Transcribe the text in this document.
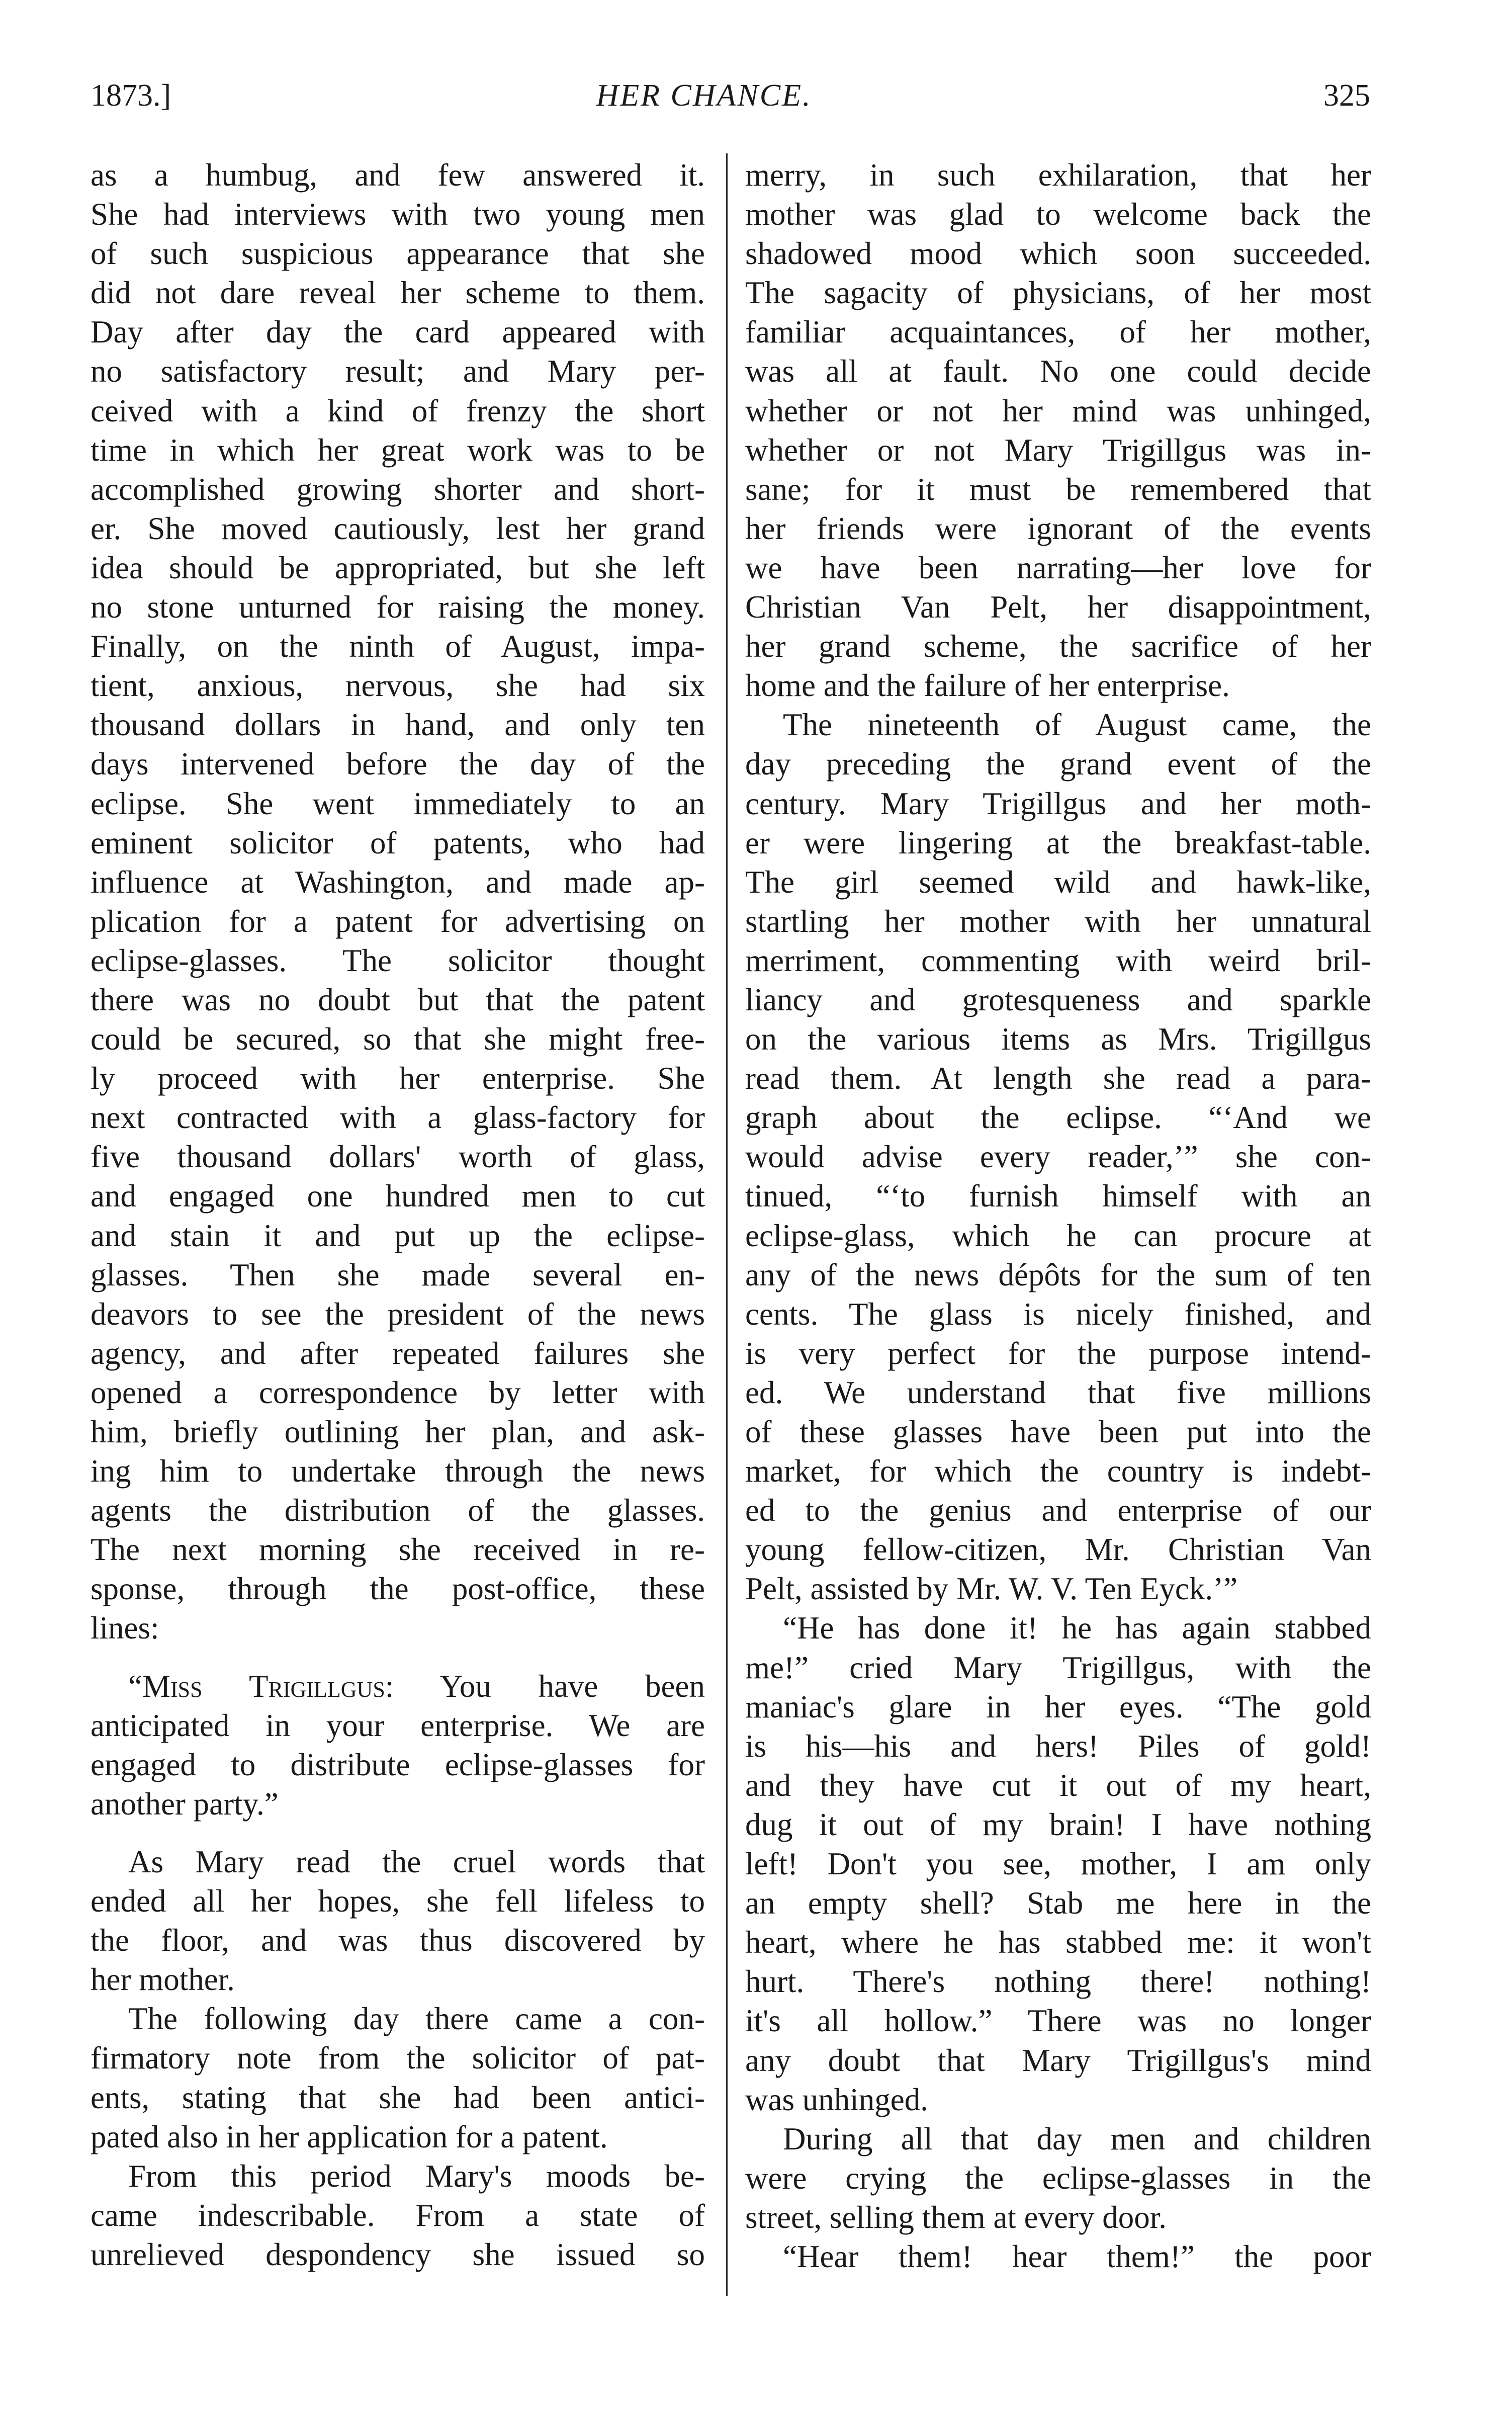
1873.]	HER CHANCE.	325
as a humbug, and few answered it.
She had interviews with two young men
of such suspicious appearance that she
did not dare reveal her scheme to them.
Day after day the card appeared with
no satisfactory result; and Mary per-
ceived with a kind of frenzy the short
time in which her great work was to be
accomplished growing shorter and short-
er. She moved cautiously, lest her grand
idea should be appropriated, but she left
no stone unturned for raising the money.
Finally, on the ninth of August, impa-
tient, anxious, nervous, she had six
thousand dollars in hand, and only ten
days intervened before the day of the
eclipse. She went immediately to an
eminent solicitor of patents, who had
influence at Washington, and made ap-
plication for a patent for advertising on
eclipse-glasses. The solicitor thought
there was no doubt but that the patent
could be secured, so that she might free-
ly proceed with her enterprise. She
next contracted with a glass-factory for
five thousand dollars' worth of glass,
and engaged one hundred men to cut
and stain it and put up the eclipse-
glasses. Then she made several en-
deavors to see the president of the news
agency, and after repeated failures she
opened a correspondence by letter with
him, briefly outlining her plan, and ask-
ing him to undertake through the news
agents the distribution of the glasses.
The next morning she received in re-
sponse, through the post-office, these
lines:
“Miss Trigillgus: You have been
anticipated in your enterprise. We are
engaged to distribute eclipse-glasses for
another party.”
As Mary read the cruel words that
ended all her hopes, she fell lifeless to
the floor, and was thus discovered by
her mother.
The following day there came a con-
firmatory note from the solicitor of pat-
ents, stating that she had been antici-
pated also in her application for a patent.
From this period Mary's moods be-
came indescribable. From a state of
unrelieved despondency she issued so
merry, in such exhilaration, that her
mother was glad to welcome back the
shadowed mood which soon succeeded.
The sagacity of physicians, of her most
familiar acquaintances, of her mother,
was all at fault. No one could decide
whether or not her mind was unhinged,
whether or not Mary Trigillgus was in-
sane; for it must be remembered that
her friends were ignorant of the events
we have been narrating—her love for
Christian Van Pelt, her disappointment,
her grand scheme, the sacrifice of her
home and the failure of her enterprise.
The nineteenth of August came, the
day preceding the grand event of the
century. Mary Trigillgus and her moth-
er were lingering at the breakfast-table.
The girl seemed wild and hawk-like,
startling her mother with her unnatural
merriment, commenting with weird bril-
liancy and grotesqueness and sparkle
on the various items as Mrs. Trigillgus
read them. At length she read a para-
graph about the eclipse. “‘And we
would advise every reader,’” she con-
tinued, “‘to furnish himself with an
eclipse-glass, which he can procure at
any of the news dépôts for the sum of ten
cents. The glass is nicely finished, and
is very perfect for the purpose intend-
ed. We understand that five millions
of these glasses have been put into the
market, for which the country is indebt-
ed to the genius and enterprise of our
young fellow-citizen, Mr. Christian Van
Pelt, assisted by Mr. W. V. Ten Eyck.’”
“He has done it! he has again stabbed
me!” cried Mary Trigillgus, with the
maniac's glare in her eyes. “The gold
is his—his and hers! Piles of gold!
and they have cut it out of my heart,
dug it out of my brain! I have nothing
left! Don't you see, mother, I am only
an empty shell? Stab me here in the
heart, where he has stabbed me: it won't
hurt. There's nothing there! nothing!
it's all hollow.” There was no longer
any doubt that Mary Trigillgus's mind
was unhinged.
During all that day men and children
were crying the eclipse-glasses in the
street, selling them at every door.
“Hear them! hear them!” the poor
